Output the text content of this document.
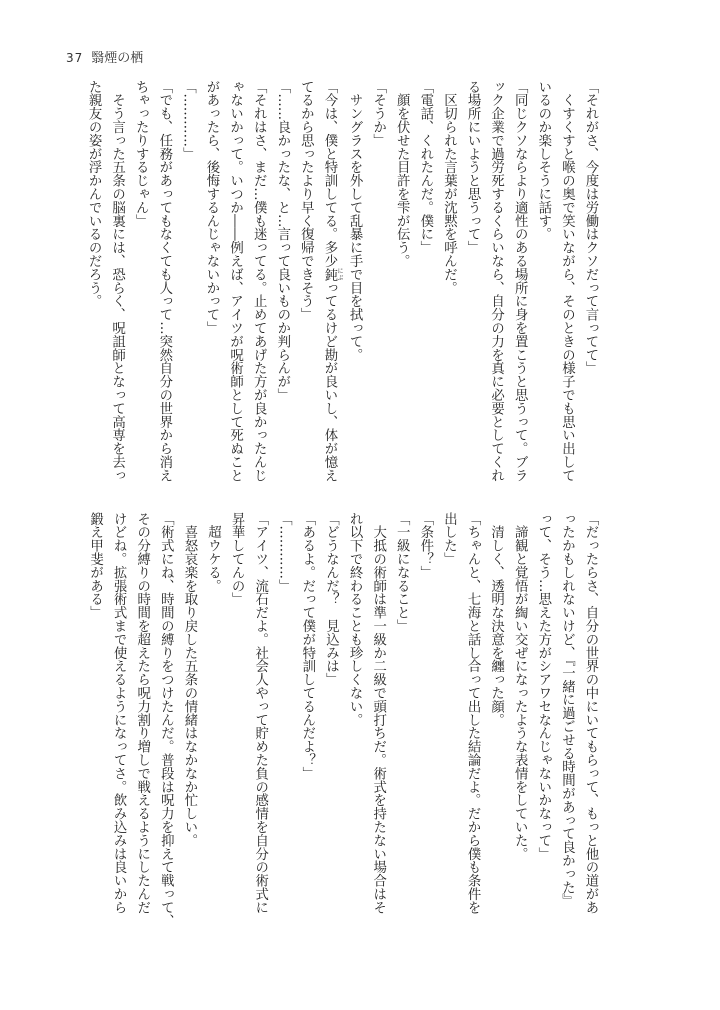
37 翳煙の栖
「それがさ、今度は労働はクソだって言ってて」
　くすくすと喉の奥で笑いながら、そのときの様子でも思い出して
いるのか楽しそうに話す。
「同じクソならより適性のある場所に身を置こうと思うって。ブラ
ック企業で過労死するくらいなら、自分の力を真に必要としてくれ
る場所にいようと思うって」
　区切られた言葉が沈黙を呼んだ。
「電話、くれたんだ。僕に」
　顔を伏せた目許を雫が伝う。
「そうか」
　サングラスを外して乱暴に手で目を拭って。
「今は、僕と特訓してる。多少鈍 にぶってるけど勘が良いし、体が憶え
てるから思ったより早く復帰できそう」
「……良かったな、と…言って良いものか判らんが」
「それはさ、まだ…僕も迷ってる。止めてあげた方が良かったんじ
ゃないかって。いつか――例えば、アイツが呪術師として死ぬこと
があったら、後悔するんじゃないかって」
「…………」
「でも、任務があってもなくても人って…突然自分の世界から消え
ちゃったりするじゃん」
　そう言った五条の脳裏には、恐らく、呪詛師となって高専を去っ
た親友の姿が浮かんでいるのだろう。
「だったらさ、自分の世界の中にいてもらって、もっと他の道があ
ったかもしれないけど、『一緒に過ごせる時間があって良かった』
って、そう…思えた方がシアワセなんじゃないかなって」
　諦観と覚悟が綯い交ぜになったような表情をしていた。
　清しく、透明な決意を纏った顔。
「ちゃんと、七海と話し合って出した結論だよ。だから僕も条件を
出した」
「条件？」
「一級になること」
　大抵の術師は準一級か二級で頭打ちだ。術式を持たない場合はそ
れ以下で終わることも珍しくない。
「どうなんだ？　見込みは」
「あるよ。だって僕が特訓してるんだよ？」
「…………」
「アイツ、流石だよ。社会人やって貯めた負の感情を自分の術式に
昇華してんの」
　超ウケる。
　喜怒哀楽を取り戻した五条の情緒はなかなか忙しい。
「術式にね、時間の縛りをつけたんだ。普段は呪力を抑えて戦って、
その分縛りの時間を超えたら呪力割り増しで戦えるようにしたんだ
けどね。拡張術式まで使えるようになってさ。飲み込みは良いから
鍛え甲斐がある」
